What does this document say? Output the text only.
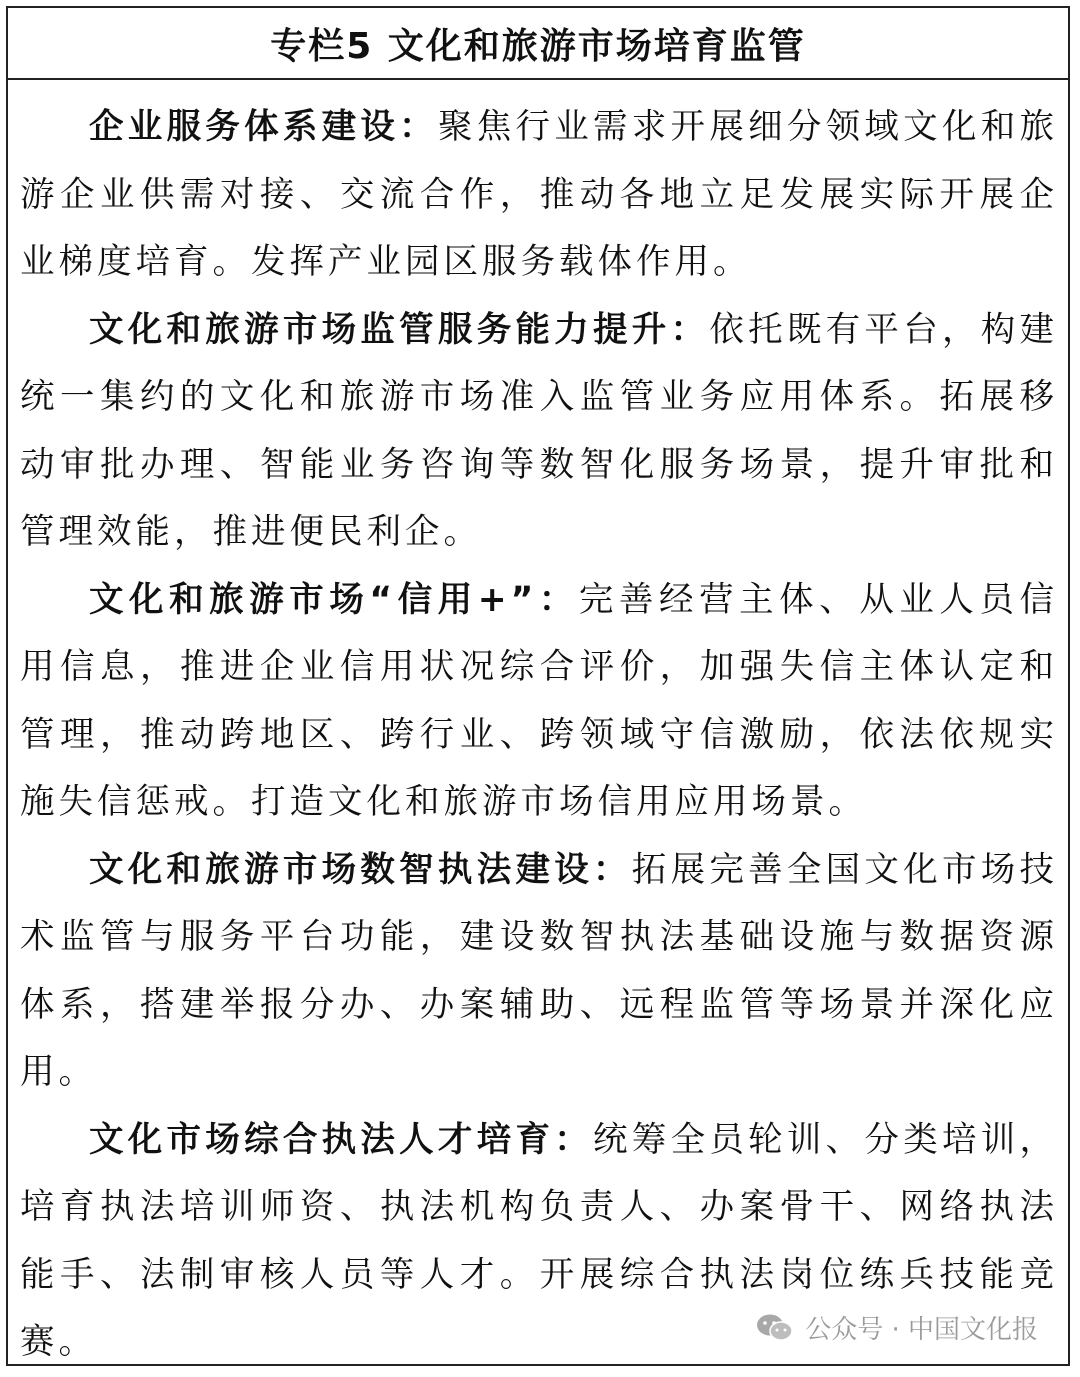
专栏5 文化和旅游市场培育监管

企业服务体系建设：聚焦行业需求开展细分领域文化和旅游企业供需对接、交流合作，推动各地立足发展实际开展企业梯度培育。发挥产业园区服务载体作用。

文化和旅游市场监管服务能力提升：依托既有平台，构建统一集约的文化和旅游市场准入监管业务应用体系。拓展移动审批办理、智能业务咨询等数智化服务场景，提升审批和管理效能，推进便民利企。

文化和旅游市场“信用+”：完善经营主体、从业人员信用信息，推进企业信用状况综合评价，加强失信主体认定和管理，推动跨地区、跨行业、跨领域守信激励，依法依规实施失信惩戒。打造文化和旅游市场信用应用场景。

文化和旅游市场数智执法建设：拓展完善全国文化市场技术监管与服务平台功能，建设数智执法基础设施与数据资源体系，搭建举报分办、办案辅助、远程监管等场景并深化应用。

文化市场综合执法人才培育：统筹全员轮训、分类培训，培育执法培训师资、执法机构负责人、办案骨干、网络执法能手、法制审核人员等人才。开展综合执法岗位练兵技能竞赛。	公众号 · 中国文化报
